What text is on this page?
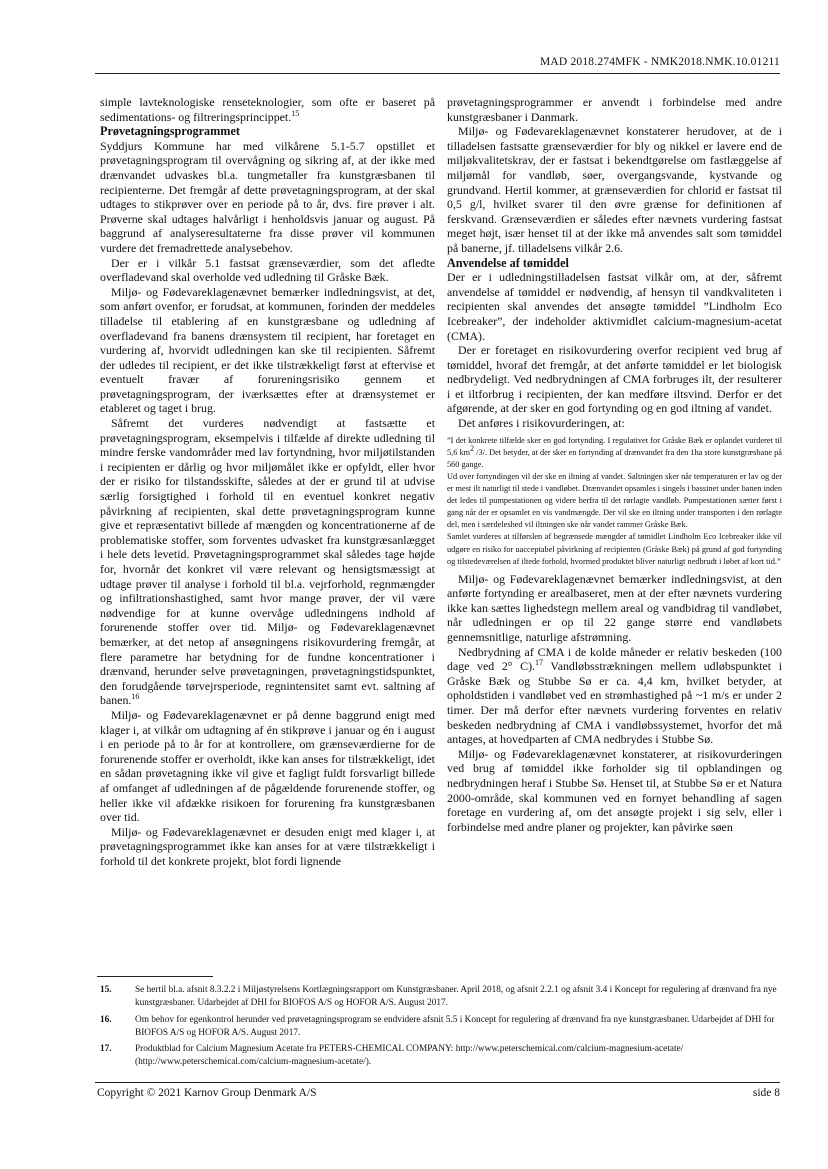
MAD 2018.274MFK - NMK2018.NMK.10.01211

simple lavteknologiske renseteknologier, som ofte er baseret på sedimentations- og filtreringsprincippet.$^{15}$

Prøvetagningsprogrammet

Syddjurs Kommune har med vilkårene 5.1-5.7 opstillet et prøvetagningsprogram til overvågning og sikring af, at der ikke med drænvandet udvaskes bl.a. tungmetaller fra kunstgræsbanen til recipienterne. Det fremgår af dette prøvetagningsprogram, at der skal udtages to stikprøver over en periode på to år, dvs. fire prøver i alt. Prøverne skal udtages halvårligt i henholdsvis januar og august. På baggrund af analyseresultaterne fra disse prøver vil kommunen vurdere det fremadrettede analysebehov.

Der er i vilkår 5.1 fastsat grænseværdier, som det afledte overfladevand skal overholde ved udledning til Gråske Bæk.

Miljø- og Fødevareklagenævnet bemærker indledningsvist, at det, som anført ovenfor, er forudsat, at kommunen, forinden der meddeles tilladelse til etablering af en kunstgræsbane og udledning af overfladevand fra banens drænsystem til recipient, har foretaget en vurdering af, hvorvidt udledningen kan ske til recipienten. Såfremt der udledes til recipient, er det ikke tilstrækkeligt først at eftervise et eventuelt fravær af forureningsrisiko gennem et prøvetagningsprogram, der iværksættes efter at drænsystemet er etableret og taget i brug.

Såfremt det vurderes nødvendigt at fastsætte et prøvetagningsprogram, eksempelvis i tilfælde af direkte udledning til mindre ferske vandområder med lav fortyndning, hvor miljøtilstanden i recipienten er dårlig og hvor miljømålet ikke er opfyldt, eller hvor der er risiko for tilstandsskifte, således at der er grund til at udvise særlig forsigtighed i forhold til en eventuel konkret negativ påvirkning af recipienten, skal dette prøvetagningsprogram kunne give et repræsentativt billede af mængden og koncentrationerne af de problematiske stoffer, som forventes udvasket fra kunstgræsanlægget i hele dets levetid. Prøvetagningsprogrammet skal således tage højde for, hvornår det konkret vil være relevant og hensigtsmæssigt at udtage prøver til analyse i forhold til bl.a. vejrforhold, regnmængder og infiltrationshastighed, samt hvor mange prøver, der vil være nødvendige for at kunne overvåge udledningens indhold af forurenende stoffer over tid. Miljø- og Fødevareklagenævnet bemærker, at det netop af ansøgningens risikovurdering fremgår, at flere parametre har betydning for de fundne koncentrationer i drænvand, herunder selve prøvetagningen, prøvetagningstidspunktet, den forudgående tørvejrsperiode, regnintensitet samt evt. saltning af banen.$^{16}$

Miljø- og Fødevareklagenævnet er på denne baggrund enigt med klager i, at vilkår om udtagning af én stikprøve i januar og én i august i en periode på to år for at kontrollere, om grænseværdierne for de forurenende stoffer er overholdt, ikke kan anses for tilstrækkeligt, idet en sådan prøvetagning ikke vil give et fagligt fuldt forsvarligt billede af omfanget af udledningen af de pågældende forurenende stoffer, og heller ikke vil afdække risikoen for forurening fra kunstgræsbanen over tid.

Miljø- og Fødevareklagenævnet er desuden enigt med klager i, at prøvetagningsprogrammet ikke kan anses for at være tilstrækkeligt i forhold til det konkrete projekt, blot fordi lignende

prøvetagningsprogrammer er anvendt i forbindelse med andre kunstgræsbaner i Danmark.

Miljø- og Fødevareklagenævnet konstaterer herudover, at de i tilladelsen fastsatte grænseværdier for bly og nikkel er lavere end de miljøkvalitetskrav, der er fastsat i bekendtgørelse om fastlæggelse af miljømål for vandløb, søer, overgangsvande, kystvande og grundvand. Hertil kommer, at grænseværdien for chlorid er fastsat til 0,5 g/l, hvilket svarer til den øvre grænse for definitionen af ferskvand. Grænseværdien er således efter nævnets vurdering fastsat meget højt, især henset til at der ikke må anvendes salt som tømiddel på banerne, jf. tilladelsens vilkår 2.6.

Anvendelse af tømiddel

Der er i udledningstilladelsen fastsat vilkår om, at der, såfremt anvendelse af tømiddel er nødvendig, af hensyn til vandkvaliteten i recipienten skal anvendes det ansøgte tømiddel ”Lindholm Eco Icebreaker”, der indeholder aktivmidlet calcium-magnesium-acetat (CMA).

Der er foretaget en risikovurdering overfor recipient ved brug af tømiddel, hvoraf det fremgår, at det anførte tømiddel er let biologisk nedbrydeligt. Ved nedbrydningen af CMA forbruges ilt, der resulterer i et iltforbrug i recipienten, der kan medføre iltsvind. Derfor er det afgørende, at der sker en god fortynding og en god iltning af vandet.

Det anføres i risikovurderingen, at:

”I det konkrete tilfælde sker en god fortynding. I regulativet for Gråske Bæk er oplandet vurderet til 5,6 $km^2$ /3/. Det betyder, at der sker en fortynding af drænvandet fra den 1ha store kunstgræsbane på 560 gange.

Ud over fortyndingen vil der ske en iltning af vandet. Saltningen sker når temperaturen er lav og der er mest ilt naturligt til stede i vandløbet. Drænvandet opsamles i singels i bassinet under banen inden det ledes til pumpestationen og videre herfra til det rørlagte vandløb. Pumpestationen sætter først i gang når der er opsamlet en vis vandmængde. Der vil ske en iltning under transporten i den rørlagte del, men i særdeleshed vil iltningen ske når vandet rammer Gråske Bæk.

Samlet vurderes at tilførslen af begrænsede mængder af tømidlet Lindholm Eco Icebreaker ikke vil udgøre en risiko for uacceptabel påvirkning af recipienten (Gråske Bæk) på grund af god fortynding og tilstedeværelsen af iltede forhold, hvormed produktet bliver naturligt nedbrudt i løbet af kort tid.”

Miljø- og Fødevareklagenævnet bemærker indledningsvist, at den anførte fortynding er arealbaseret, men at der efter nævnets vurdering ikke kan sættes lighedstegn mellem areal og vandbidrag til vandløbet, når udledningen er op til 22 gange større end vandløbets gennemsnitlige, naturlige afstrømning.

Nedbrydning af CMA i de kolde måneder er relativ beskeden (100 dage ved 2° C).$^{17}$ Vandløbsstrækningen mellem udløbspunktet i Gråske Bæk og Stubbe Sø er ca. 4,4 km, hvilket betyder, at opholdstiden i vandløbet ved en strømhastighed på ~1 m/s er under 2 timer. Der må derfor efter nævnets vurdering forventes en relativ beskeden nedbrydning af CMA i vandløbssystemet, hvorfor det må antages, at hovedparten af CMA nedbrydes i Stubbe Sø.

Miljø- og Fødevareklagenævnet konstaterer, at risikovurderingen ved brug af tømiddel ikke forholder sig til opblandingen og nedbrydningen heraf i Stubbe Sø. Henset til, at Stubbe Sø er et Natura 2000-område, skal kommunen ved en fornyet behandling af sagen foretage en vurdering af, om det ansøgte projekt i sig selv, eller i forbindelse med andre planer og projekter, kan påvirke søen

15.	Se hertil bl.a. afsnit 8.3.2.2 i Miljøstyrelsens Kortlægningsrapport om Kunstgræsbaner. April 2018, og afsnit 2.2.1 og afsnit 3.4 i Koncept for regulering af drænvand fra nye kunstgræsbaner. Udarbejdet af DHI for BIOFOS A/S og HOFOR A/S. August 2017.
16.	Om behov for egenkontrol herunder ved prøvetagningsprogram se endvidere afsnit 5.5 i Koncept for regulering af drænvand fra nye kunstgræsbaner. Udarbejdet af DHI for BIOFOS A/S og HOFOR A/S. August 2017.
17.	Produktblad for Calcium Magnesium Acetate fra PETERS-CHEMICAL COMPANY: http://www.peterschemical.com/calcium-magnesium-acetate/ (http://www.peterschemical.com/calcium-magnesium-acetate/).
Copyright © 2021 Karnov Group Denmark A/S	side 8
